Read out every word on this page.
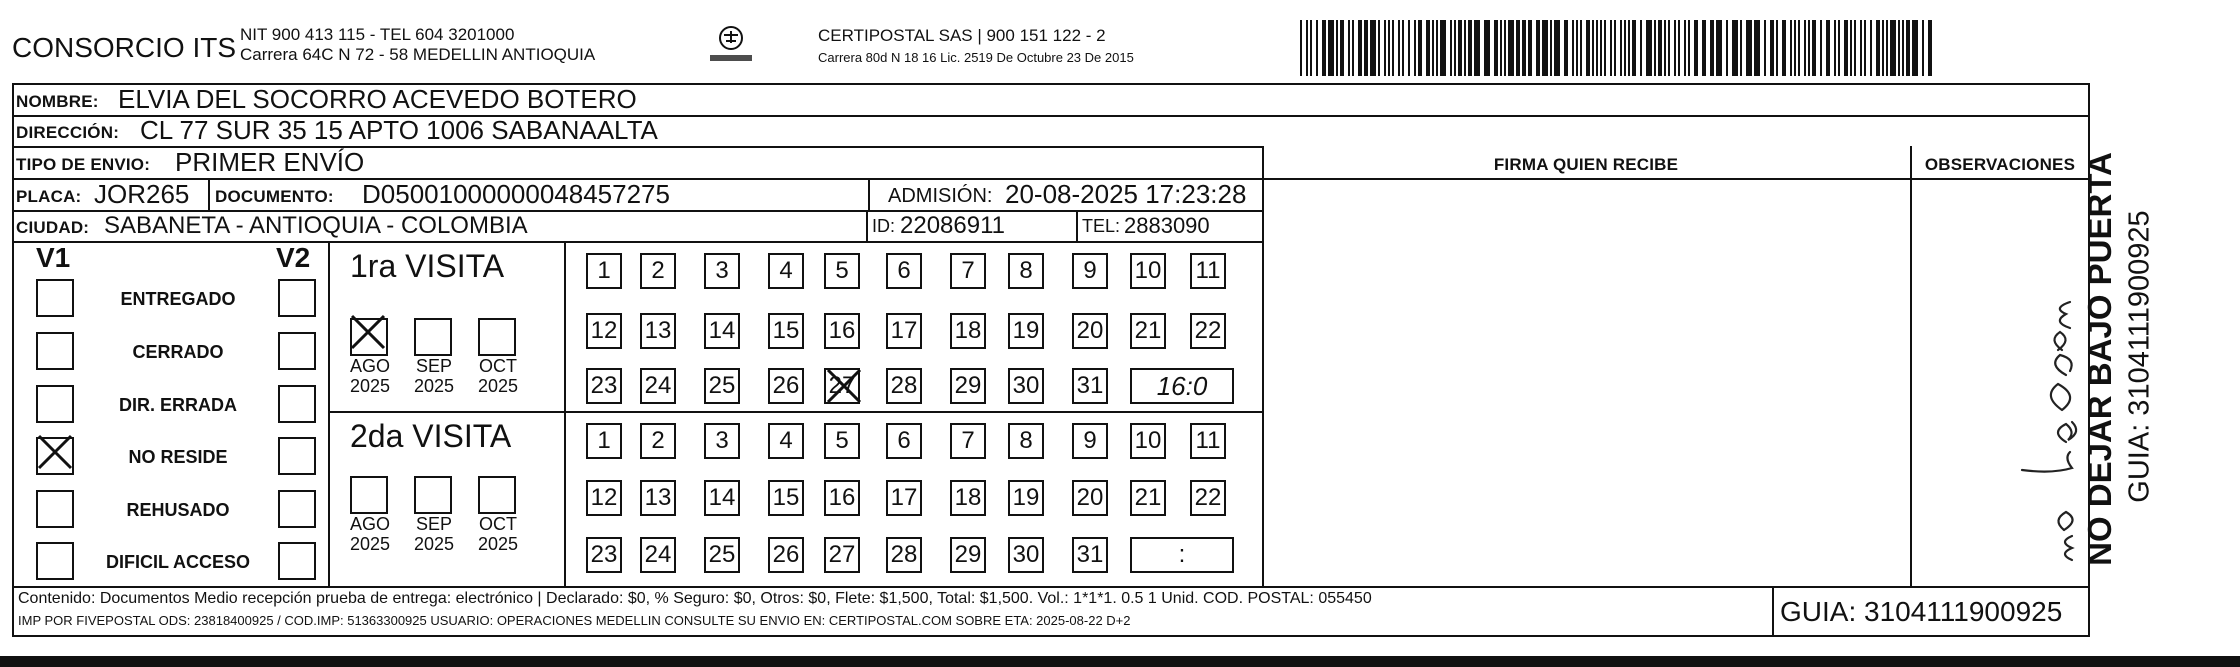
CONSORCIO ITS NIT 900 413 115 - TEL 604 3201000
Carrera 64C N 72 - 58 MEDELLIN ANTIOQUIA
CERTIPOSTAL SAS | 900 151 122 - 2
Carrera 80d N 18 16 Lic. 2519 De Octubre 23 De 2015
NOMBRE: ELVIA DEL SOCORRO ACEVEDO BOTERO
DIRECCIÓN: CL 77 SUR 35 15 APTO 1006 SABANAALTA
TIPO DE ENVIO: PRIMER ENVÍO
PLACA: JOR265 DOCUMENTO: D05001000000048457275	ADMISIÓN: 20-08-2025 17:23:28
CIUDAD: SABANETA - ANTIOQUIA - COLOMBIA	ID: 22086911	TEL: 2883090
FIRMA QUIEN RECIBE	OBSERVACIONES
V1	V2 1ra VISITA
2da VISITA
Contenido: Documentos Medio recepción prueba de entrega: electrónico | Declarado: $0, % Seguro: $0, Otros: $0, Flete: $1,500, Total: $1,500. Vol.: 1*1*1. 0.5 1 Unid. COD. POSTAL: 055450
IMP POR FIVEPOSTAL ODS: 23818400925 / COD.IMP: 51363300925 USUARIO: OPERACIONES MEDELLIN CONSULTE SU ENVIO EN: CERTIPOSTAL.COM SOBRE ETA: 2025-08-22 D+2	GUIA: 3104111900925
NO DEJAR BAJO PUERTA GUIA: 3104111900925
ENTREGADO
CERRADO
DIR. ERRADA
NO RESIDE
REHUSADO
DIFICIL ACCESO
AGO
2025
SEP
2025
OCT
2025
AGO
2025
SEP
2025
OCT
2025
1	2	3	4	5	6	7	8	9	10 11
12 13 14 15 16 17 18 19 20 21 22
23 24 25 26 27 28 29 30 31	16:0
1	2	3	4	5	6	7	8	9	10 11
12 13 14 15 16 17 18 19 20 21 22
23 24 25 26 27 28 29 30 31	:
